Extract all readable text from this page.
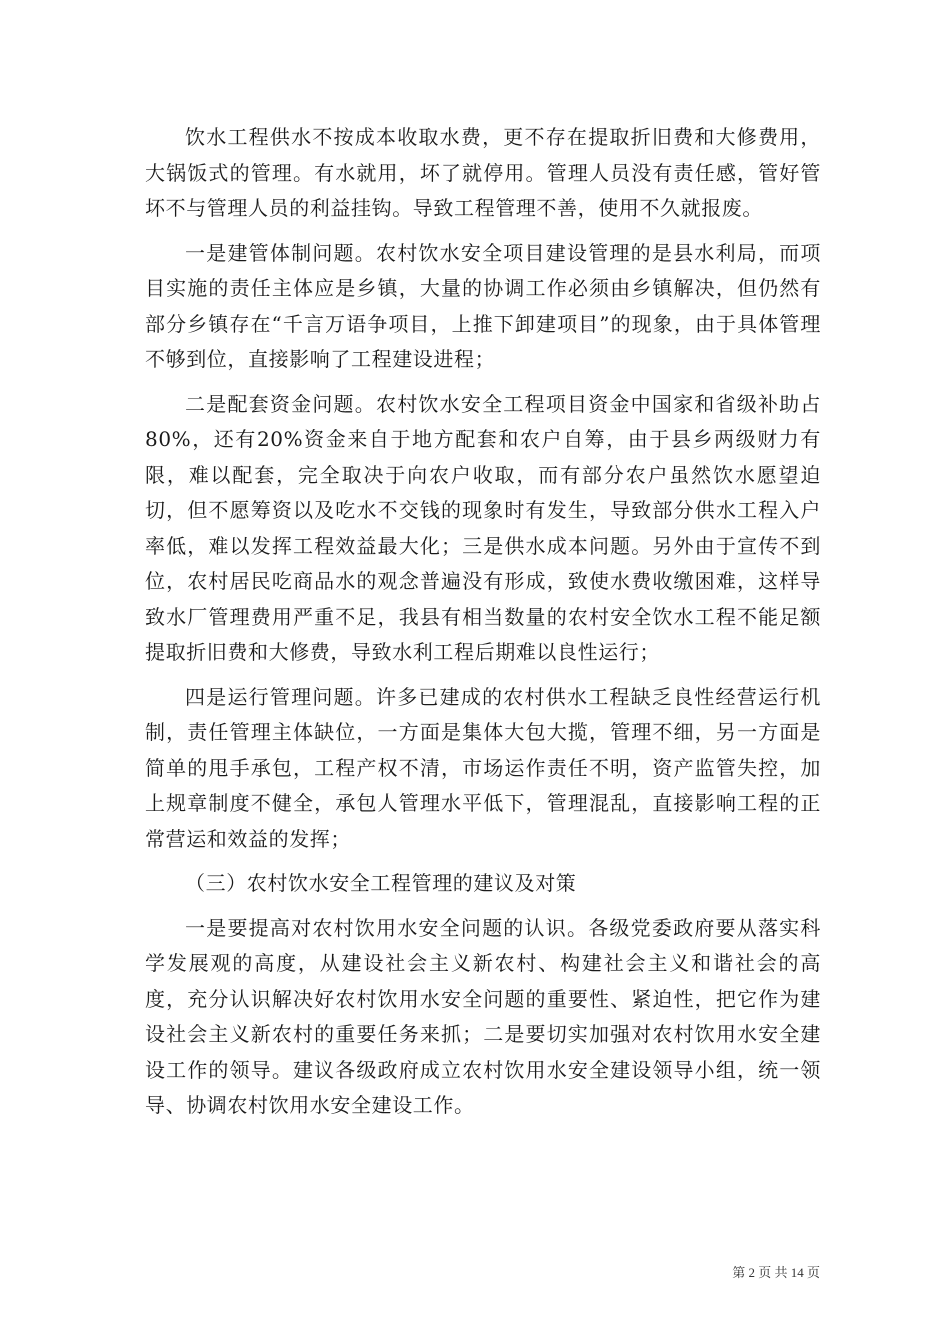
饮水工程供水不按成本收取水费，更不存在提取折旧费和大修费用，大锅饭式的管理。有水就用，坏了就停用。管理人员没有责任感，管好管坏不与管理人员的利益挂钩。导致工程管理不善，使用不久就报废。

一是建管体制问题。农村饮水安全项目建设管理的是县水利局，而项目实施的责任主体应是乡镇，大量的协调工作必须由乡镇解决，但仍然有部分乡镇存在“千言万语争项目，上推下卸建项目”的现象，由于具体管理不够到位，直接影响了工程建设进程；

二是配套资金问题。农村饮水安全工程项目资金中国家和省级补助占80%，还有20%资金来自于地方配套和农户自筹，由于县乡两级财力有限，难以配套，完全取决于向农户收取，而有部分农户虽然饮水愿望迫切，但不愿筹资以及吃水不交钱的现象时有发生，导致部分供水工程入户率低，难以发挥工程效益最大化；三是供水成本问题。另外由于宣传不到位，农村居民吃商品水的观念普遍没有形成，致使水费收缴困难，这样导致水厂管理费用严重不足，我县有相当数量的农村安全饮水工程不能足额提取折旧费和大修费，导致水利工程后期难以良性运行；

四是运行管理问题。许多已建成的农村供水工程缺乏良性经营运行机制，责任管理主体缺位，一方面是集体大包大揽，管理不细，另一方面是简单的甩手承包，工程产权不清，市场运作责任不明，资产监管失控，加上规章制度不健全，承包人管理水平低下，管理混乱，直接影响工程的正常营运和效益的发挥；

（三）农村饮水安全工程管理的建议及对策

一是要提高对农村饮用水安全问题的认识。各级党委政府要从落实科学发展观的高度，从建设社会主义新农村、构建社会主义和谐社会的高度，充分认识解决好农村饮用水安全问题的重要性、紧迫性，把它作为建设社会主义新农村的重要任务来抓；二是要切实加强对农村饮用水安全建设工作的领导。建议各级政府成立农村饮用水安全建设领导小组，统一领导、协调农村饮用水安全建设工作。

第 2 页 共 14 页
